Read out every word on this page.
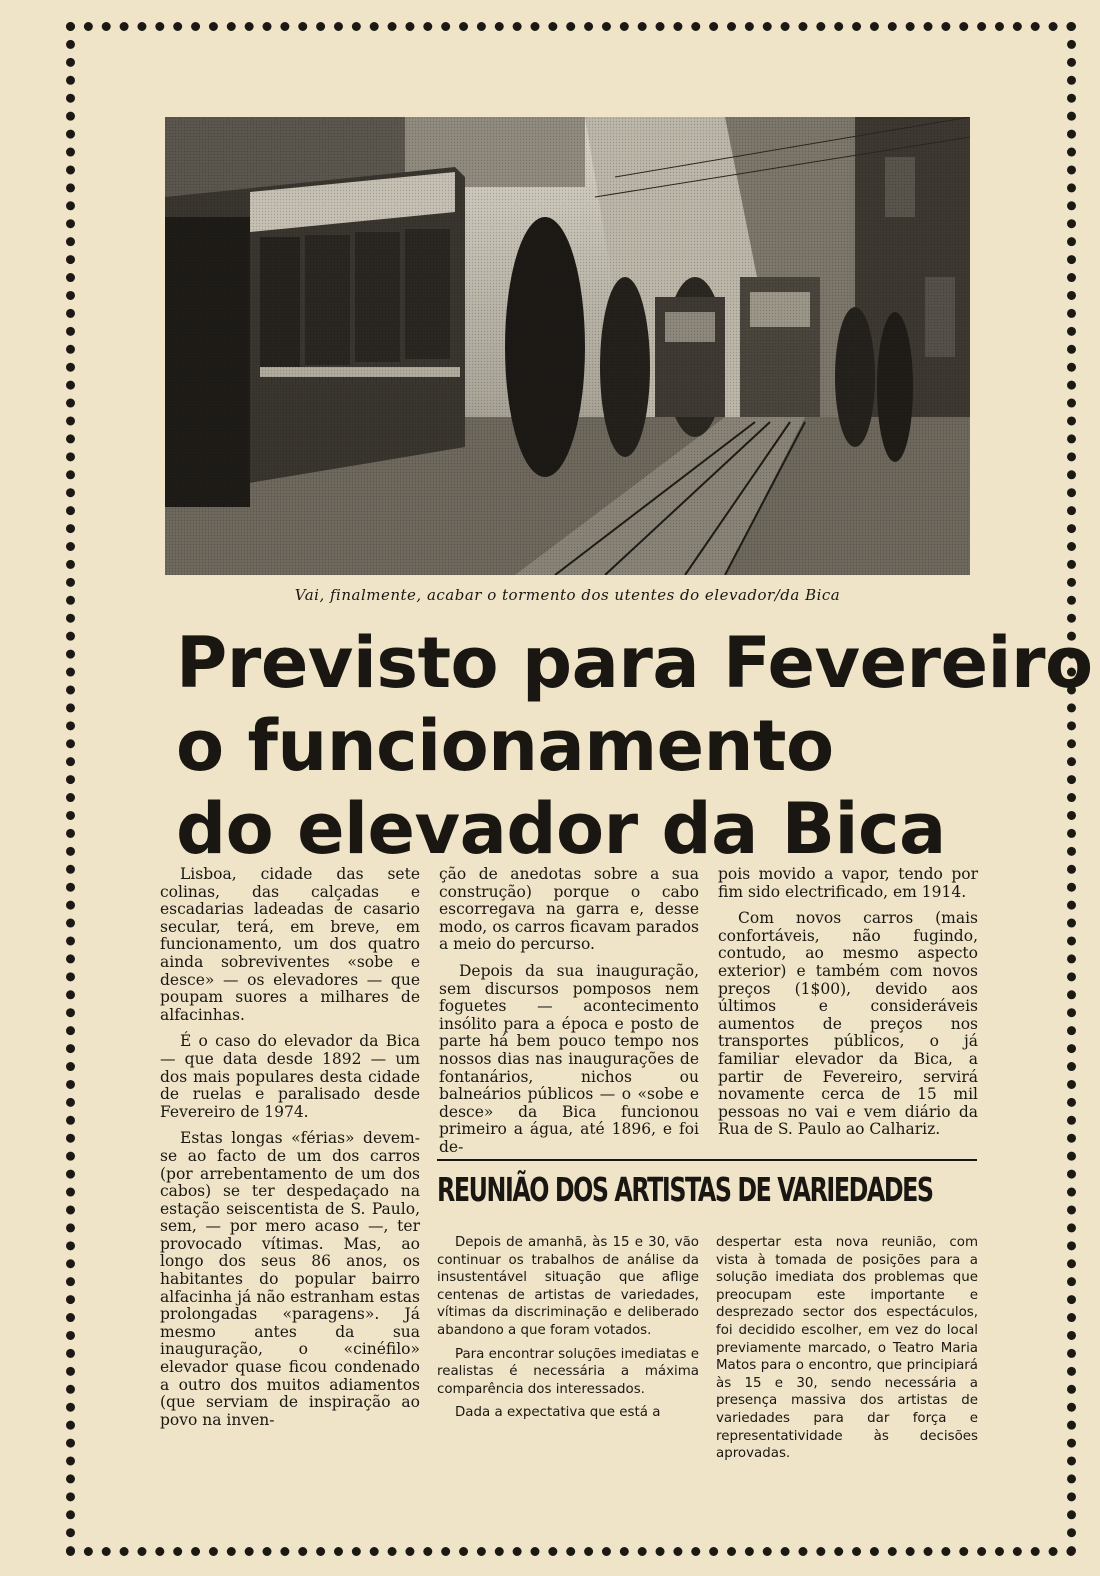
Vai, finalmente, acabar o tormento dos utentes do elevador/da Bica
Previsto para Fevereiro
o funcionamento
do elevador da Bica

Lisboa, cidade das sete colinas, das calçadas e escadarias ladeadas de casario secular, terá, em breve, em funcionamento, um dos quatro ainda sobreviventes «sobe e desce» — os elevadores — que poupam suores a milhares de alfacinhas.

É o caso do elevador da Bica — que data desde 1892 — um dos mais populares desta cidade de ruelas e paralisado desde Fevereiro de 1974.

Estas longas «férias» devem-se ao facto de um dos carros (por arrebentamento de um dos cabos) se ter despedaçado na estação seiscentista de S. Paulo, sem, — por mero acaso —, ter provocado vítimas. Mas, ao longo dos seus 86 anos, os habitantes do popular bairro alfacinha já não estranham estas prolongadas «paragens». Já mesmo antes da sua inauguração, o «cinéfilo» elevador quase ficou condenado a outro dos muitos adiamentos (que serviam de inspiração ao povo na inven-

ção de anedotas sobre a sua construção) porque o cabo escorregava na garra e, desse modo, os carros ficavam parados a meio do percurso.

Depois da sua inauguração, sem discursos pomposos nem foguetes — acontecimento insólito para a época e posto de parte há bem pouco tempo nos nossos dias nas inaugurações de fontanários, nichos ou balneários públicos — o «sobe e desce» da Bica funcionou primeiro a água, até 1896, e foi de-

pois movido a vapor, tendo por fim sido electrificado, em 1914.

Com novos carros (mais confortáveis, não fugindo, contudo, ao mesmo aspecto exterior) e também com novos preços (1$00), devido aos últimos e consideráveis aumentos de preços nos transportes públicos, o já familiar elevador da Bica, a partir de Fevereiro, servirá novamente cerca de 15 mil pessoas no vai e vem diário da Rua de S. Paulo ao Calhariz.

REUNIÃO DOS ARTISTAS DE VARIEDADES

Depois de amanhã, às 15 e 30, vão continuar os trabalhos de análise da insustentável situação que aflige centenas de artistas de variedades, vítimas da discriminação e deliberado abandono a que foram votados.

Para encontrar soluções imediatas e realistas é necessária a máxima comparência dos interessados.

Dada a expectativa que está a

despertar esta nova reunião, com vista à tomada de posições para a solução imediata dos problemas que preocupam este importante e desprezado sector dos espectáculos, foi decidido escolher, em vez do local previamente marcado, o Teatro Maria Matos para o encontro, que principiará às 15 e 30, sendo necessária a presença massiva dos artistas de variedades para dar força e representatividade às decisões aprovadas.
